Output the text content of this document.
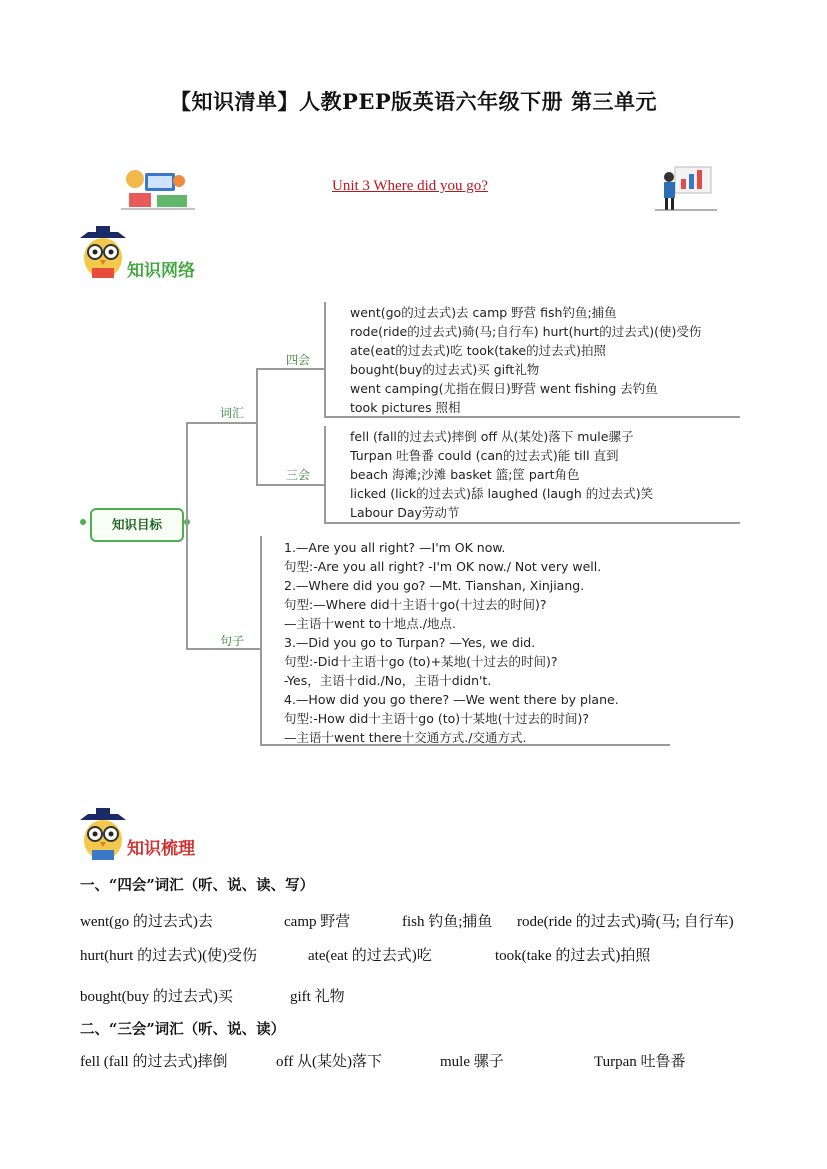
【知识清单】人教PEP版英语六年级下册 第三单元
Unit 3 Where did you go?
知识网络
知识目标
词汇
句子
四会
三会
went(go的过去式)去 camp 野营 fish钓鱼;捕鱼
rode(ride的过去式)骑(马;自行车) hurt(hurt的过去式)(使)受伤
ate(eat的过去式)吃 took(take的过去式)拍照
bought(buy的过去式)买 gift礼物
went camping(尤指在假日)野营 went fishing 去钓鱼
took pictures 照相
fell (fall的过去式)摔倒 off 从(某处)落下 mule骡子
Turpan 吐鲁番 could (can的过去式)能 till 直到
beach 海滩;沙滩 basket 篮;筐 part角色
licked (lick的过去式)舔 laughed (laugh 的过去式)笑
Labour Day劳动节
1.—Are you all right? —I'm OK now.
句型:-Are you all right? -I'm OK now./ Not very well.
2.—Where did you go? —Mt. Tianshan, Xinjiang.
句型:—Where did十主语十go(十过去的时间)?
—主语十went to十地点./地点.
3.—Did you go to Turpan? —Yes, we did.
句型:-Did十主语十go (to)+某地(十过去的时间)?
-Yes，主语十did./No，主语十didn't.
4.—How did you go there? —We went there by plane.
句型:-How did十主语十go (to)十某地(十过去的时间)?
—主语十went there十交通方式./交通方式.
知识梳理
一、“四会”词汇（听、说、读、写）
went(go 的过去式)去	camp 野营	fish 钓鱼;捕鱼 rode(ride 的过去式)骑(马; 自行车)
hurt(hurt 的过去式)(使)受伤	ate(eat 的过去式)吃	took(take 的过去式)拍照
bought(buy 的过去式)买	gift 礼物
二、“三会”词汇（听、说、读）
fell (fall 的过去式)摔倒	off 从(某处)落下	mule 骡子	Turpan 吐鲁番
